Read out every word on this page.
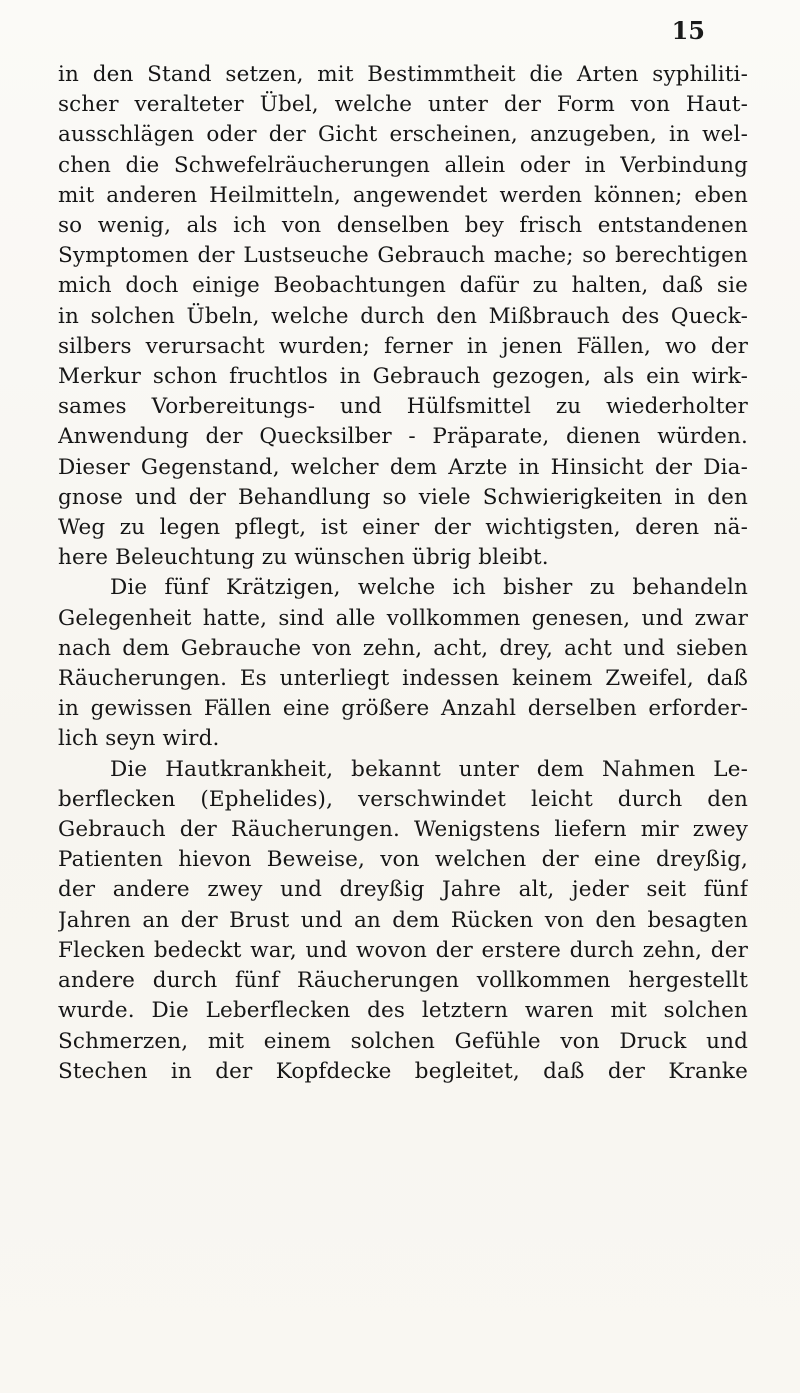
15
in den Stand setzen, mit Bestimmtheit die Arten syphiliti-
scher veralteter Übel, welche unter der Form von Haut-
ausschlägen oder der Gicht erscheinen, anzugeben, in wel-
chen die Schwefelräucherungen allein oder in Verbindung
mit anderen Heilmitteln, angewendet werden können; eben
so wenig, als ich von denselben bey frisch entstandenen
Symptomen der Lustseuche Gebrauch mache; so berechtigen
mich doch einige Beobachtungen dafür zu halten, daß sie
in solchen Übeln, welche durch den Mißbrauch des Queck-
silbers verursacht wurden; ferner in jenen Fällen, wo der
Merkur schon fruchtlos in Gebrauch gezogen, als ein wirk-
sames Vorbereitungs- und Hülfsmittel zu wiederholter
Anwendung der Quecksilber - Präparate, dienen würden.
Dieser Gegenstand, welcher dem Arzte in Hinsicht der Dia-
gnose und der Behandlung so viele Schwierigkeiten in den
Weg zu legen pflegt, ist einer der wichtigsten, deren nä-
here Beleuchtung zu wünschen übrig bleibt.
Die fünf Krätzigen, welche ich bisher zu behandeln
Gelegenheit hatte, sind alle vollkommen genesen, und zwar
nach dem Gebrauche von zehn, acht, drey, acht und sieben
Räucherungen. Es unterliegt indessen keinem Zweifel, daß
in gewissen Fällen eine größere Anzahl derselben erforder-
lich seyn wird.
Die Hautkrankheit, bekannt unter dem Nahmen Le-
berflecken (Ephelides), verschwindet leicht durch den
Gebrauch der Räucherungen. Wenigstens liefern mir zwey
Patienten hievon Beweise, von welchen der eine dreyßig,
der andere zwey und dreyßig Jahre alt, jeder seit fünf
Jahren an der Brust und an dem Rücken von den besagten
Flecken bedeckt war, und wovon der erstere durch zehn, der
andere durch fünf Räucherungen vollkommen hergestellt
wurde. Die Leberflecken des letztern waren mit solchen
Schmerzen, mit einem solchen Gefühle von Druck und
Stechen in der Kopfdecke begleitet, daß der Kranke
